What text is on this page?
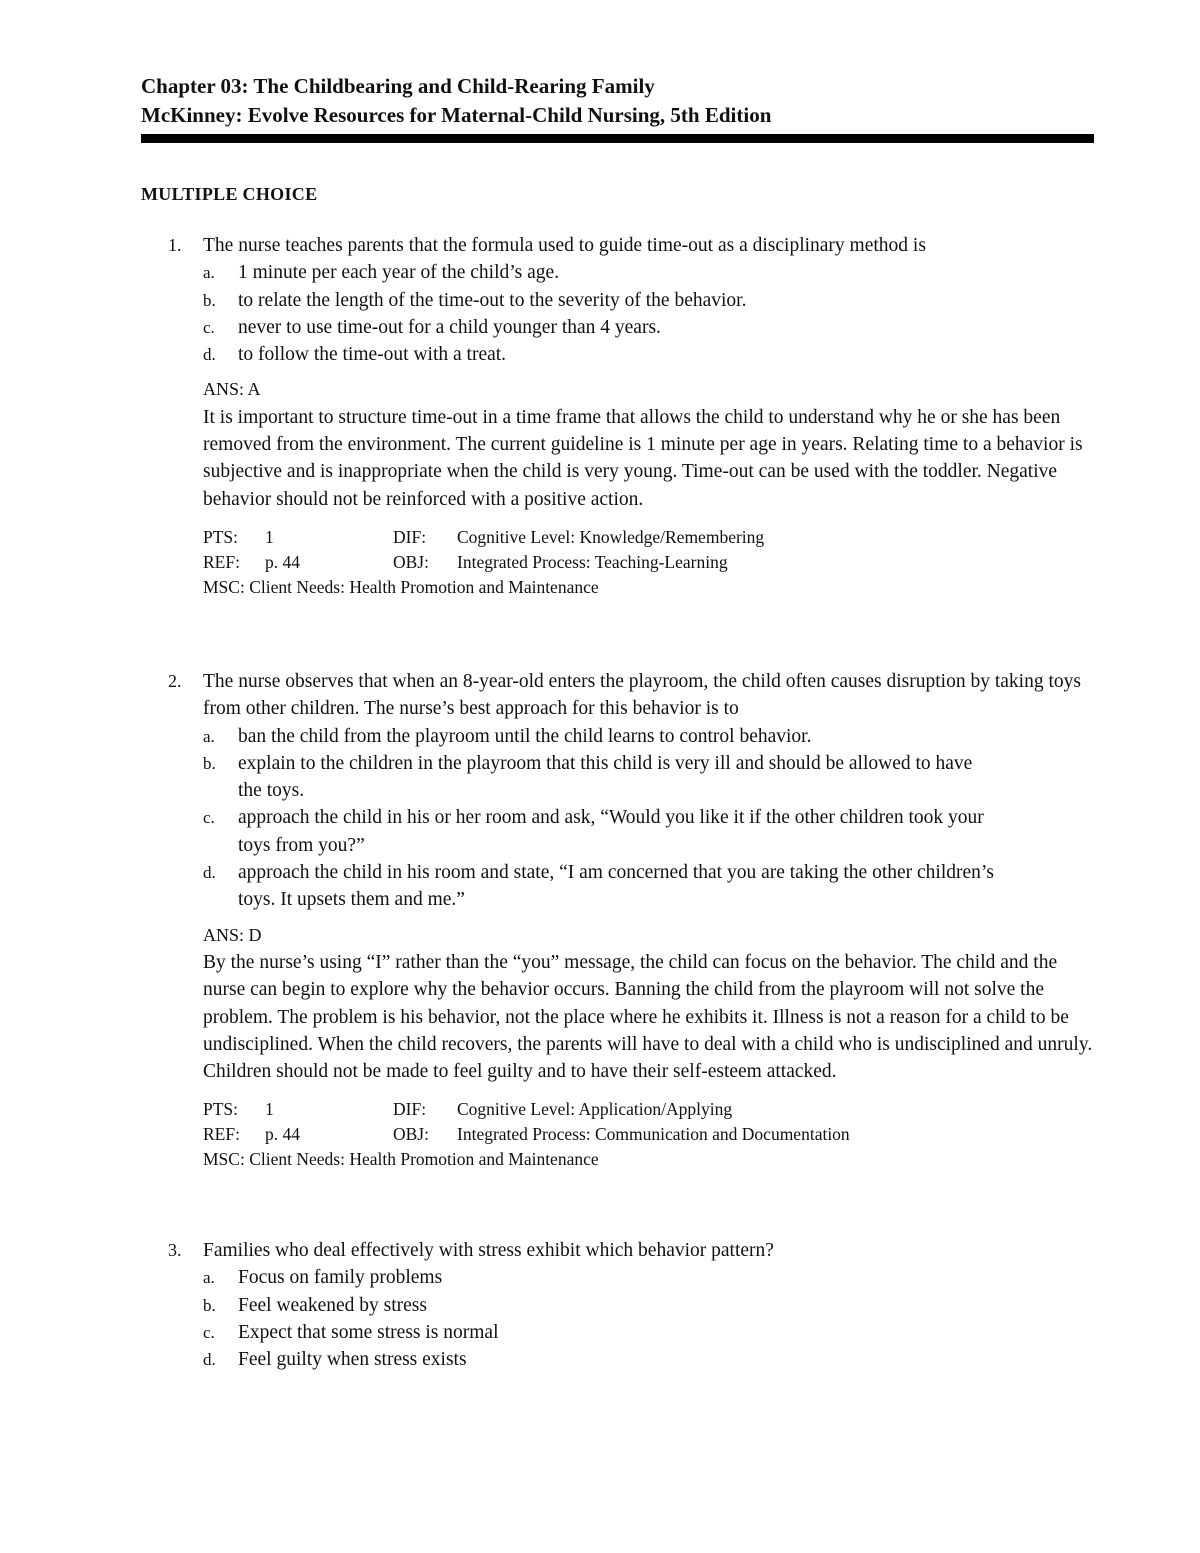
Chapter 03: The Childbearing and Child-Rearing Family
McKinney: Evolve Resources for Maternal-Child Nursing, 5th Edition
MULTIPLE CHOICE
1. The nurse teaches parents that the formula used to guide time-out as a disciplinary method is
a. 1 minute per each year of the child’s age.
b. to relate the length of the time-out to the severity of the behavior.
c. never to use time-out for a child younger than 4 years.
d. to follow the time-out with a treat.
ANS: A
It is important to structure time-out in a time frame that allows the child to understand why he or she has been removed from the environment. The current guideline is 1 minute per age in years. Relating time to a behavior is subjective and is inappropriate when the child is very young. Time-out can be used with the toddler. Negative behavior should not be reinforced with a positive action.
PTS: 1	DIF: Cognitive Level: Knowledge/Remembering
REF: p. 44	OBJ: Integrated Process: Teaching-Learning
MSC: Client Needs: Health Promotion and Maintenance
2. The nurse observes that when an 8-year-old enters the playroom, the child often causes disruption by taking toys from other children. The nurse’s best approach for this behavior is to
a. ban the child from the playroom until the child learns to control behavior.
b. explain to the children in the playroom that this child is very ill and should be allowed to have the toys.
c. approach the child in his or her room and ask, “Would you like it if the other children took your toys from you?”
d. approach the child in his room and state, “I am concerned that you are taking the other children’s toys. It upsets them and me.”
ANS: D
By the nurse’s using “I” rather than the “you” message, the child can focus on the behavior. The child and the nurse can begin to explore why the behavior occurs. Banning the child from the playroom will not solve the problem. The problem is his behavior, not the place where he exhibits it. Illness is not a reason for a child to be undisciplined. When the child recovers, the parents will have to deal with a child who is undisciplined and unruly. Children should not be made to feel guilty and to have their self-esteem attacked.
PTS: 1	DIF: Cognitive Level: Application/Applying
REF: p. 44	OBJ: Integrated Process: Communication and Documentation
MSC: Client Needs: Health Promotion and Maintenance
3. Families who deal effectively with stress exhibit which behavior pattern?
a. Focus on family problems
b. Feel weakened by stress
c. Expect that some stress is normal
d. Feel guilty when stress exists
